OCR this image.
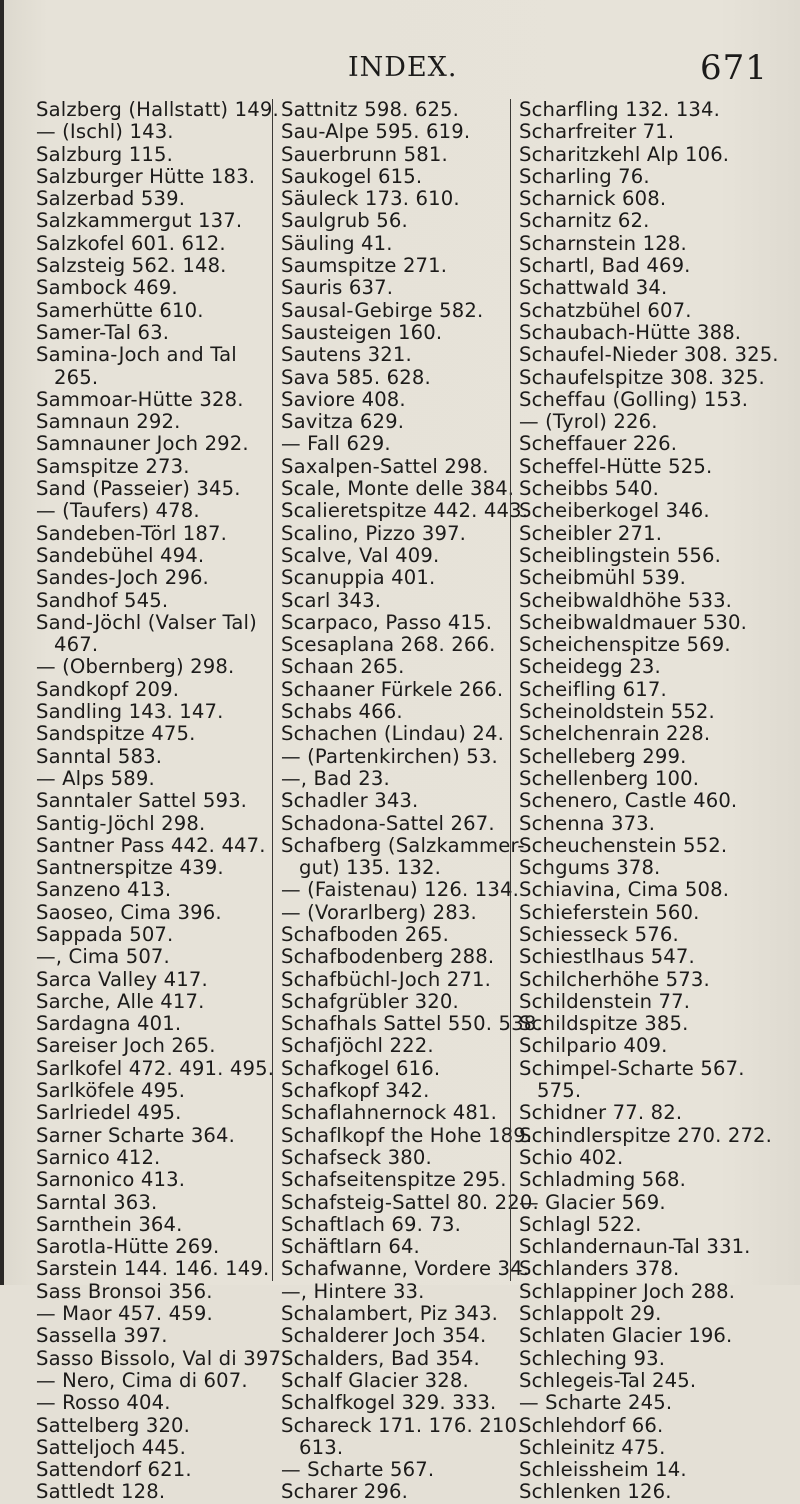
INDEX.	671
Salzberg (Hallstatt) 149.
— (Ischl) 143.
Salzburg 115.
Salzburger Hütte 183.
Salzerbad 539.
Salzkammergut 137.
Salzkofel 601. 612.
Salzsteig 562. 148.
Sambock 469.
Samerhütte 610.
Samer-Tal 63.
Samina-Joch and Tal
265.
Sammoar-Hütte 328.
Samnaun 292.
Samnauner Joch 292.
Samspitze 273.
Sand (Passeier) 345.
— (Taufers) 478.
Sandeben-Törl 187.
Sandebühel 494.
Sandes-Joch 296.
Sandhof 545.
Sand-Jöchl (Valser Tal)
467.
— (Obernberg) 298.
Sandkopf 209.
Sandling 143. 147.
Sandspitze 475.
Sanntal 583.
— Alps 589.
Sanntaler Sattel 593.
Santig-Jöchl 298.
Santner Pass 442. 447.
Santnerspitze 439.
Sanzeno 413.
Saoseo, Cima 396.
Sappada 507.
—, Cima 507.
Sarca Valley 417.
Sarche, Alle 417.
Sardagna 401.
Sareiser Joch 265.
Sarlkofel 472. 491. 495.
Sarlköfele 495.
Sarlriedel 495.
Sarner Scharte 364.
Sarnico 412.
Sarnonico 413.
Sarntal 363.
Sarnthein 364.
Sarotla-Hütte 269.
Sarstein 144. 146. 149.
Sass Bronsoi 356.
— Maor 457. 459.
Sassella 397.
Sasso Bissolo, Val di 397.
— Nero, Cima di 607.
— Rosso 404.
Sattelberg 320.
Satteljoch 445.
Sattendorf 621.
Sattledt 128.
Sattnitz 598. 625.
Sau-Alpe 595. 619.
Sauerbrunn 581.
Saukogel 615.
Säuleck 173. 610.
Saulgrub 56.
Säuling 41.
Saumspitze 271.
Sauris 637.
Sausal-Gebirge 582.
Sausteigen 160.
Sautens 321.
Sava 585. 628.
Saviore 408.
Savitza 629.
— Fall 629.
Saxalpen-Sattel 298.
Scale, Monte delle 384.
Scalieretspitze 442. 443.
Scalino, Pizzo 397.
Scalve, Val 409.
Scanuppia 401.
Scarl 343.
Scarpaco, Passo 415.
Scesaplana 268. 266.
Schaan 265.
Schaaner Fürkele 266.
Schabs 466.
Schachen (Lindau) 24.
— (Partenkirchen) 53.
—, Bad 23.
Schadler 343.
Schadona-Sattel 267.
Schafberg (Salzkammer-
gut) 135. 132.
— (Faistenau) 126. 134.
— (Vorarlberg) 283.
Schafboden 265.
Schafbodenberg 288.
Schafbüchl-Joch 271.
Schafgrübler 320.
Schafhals Sattel 550. 538.
Schafjöchl 222.
Schafkogel 616.
Schafkopf 342.
Schaflahnernock 481.
Schaflkopf the Hohe 189.
Schafseck 380.
Schafseitenspitze 295.
Schafsteig-Sattel 80. 220.
Schaftlach 69. 73.
Schäftlarn 64.
Schafwanne, Vordere 34.
—, Hintere 33.
Schalambert, Piz 343.
Schalderer Joch 354.
Schalders, Bad 354.
Schalf Glacier 328.
Schalfkogel 329. 333.
Schareck 171. 176. 210.
613.
— Scharte 567.
Scharer 296.
Scharfling 132. 134.
Scharfreiter 71.
Scharitzkehl Alp 106.
Scharling 76.
Scharnick 608.
Scharnitz 62.
Scharnstein 128.
Schartl, Bad 469.
Schattwald 34.
Schatzbühel 607.
Schaubach-Hütte 388.
Schaufel-Nieder 308. 325.
Schaufelspitze 308. 325.
Scheffau (Golling) 153.
— (Tyrol) 226.
Scheffauer 226.
Scheffel-Hütte 525.
Scheibbs 540.
Scheiberkogel 346.
Scheibler 271.
Scheiblingstein 556.
Scheibmühl 539.
Scheibwaldhöhe 533.
Scheibwaldmauer 530.
Scheichenspitze 569.
Scheidegg 23.
Scheifling 617.
Scheinoldstein 552.
Schelchenrain 228.
Schelleberg 299.
Schellenberg 100.
Schenero, Castle 460.
Schenna 373.
Scheuchenstein 552.
Schgums 378.
Schiavina, Cima 508.
Schieferstein 560.
Schiesseck 576.
Schiestlhaus 547.
Schilcherhöhe 573.
Schildenstein 77.
Schildspitze 385.
Schilpario 409.
Schimpel-Scharte 567.
575.
Schidner 77. 82.
Schindlerspitze 270. 272.
Schio 402.
Schladming 568.
— Glacier 569.
Schlagl 522.
Schlandernaun-Tal 331.
Schlanders 378.
Schlappiner Joch 288.
Schlappolt 29.
Schlaten Glacier 196.
Schleching 93.
Schlegeis-Tal 245.
— Scharte 245.
Schlehdorf 66.
Schleinitz 475.
Schleissheim 14.
Schlenken 126.
